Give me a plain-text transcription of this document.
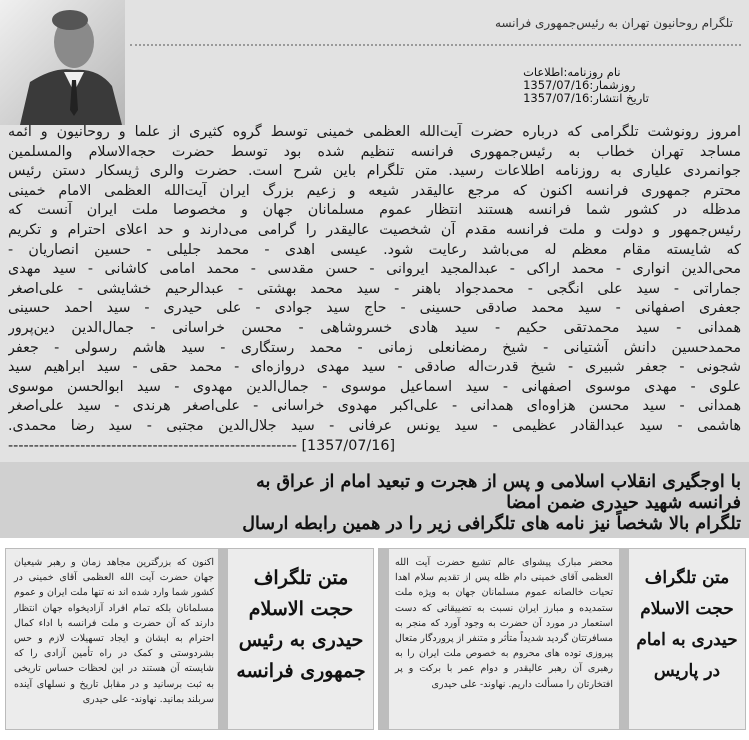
تلگرام روحانیون تهران به رئیس‌جمهوری فرانسه
نام روزنامه:اطلاعات
روزشمار:1357/07/16
تاریخ انتشار:1357/07/16
امروز رونوشت تلگرامی که درباره حضرت آیت‌الله العظمی خمینی توسط گروه کثیری از علما و روحانیون و ائمه
مساجد تهران خطاب به رئیس‌جمهوری فرانسه تنظیم شده بود توسط حضرت حجه‌الاسلام والمسلمین
جوانمردی علیاری به روزنامه اطلاعات رسید. متن تلگرام باین شرح است. حضرت والری ژیسکار دستن رئیس
محترم جمهوری فرانسه اکنون که مرجع عالیقدر شیعه و زعیم بزرگ ایران آیت‌الله العظمی الامام خمینی
مدظله در کشور شما فرانسه هستند انتظار عموم مسلمانان جهان و مخصوصا ملت ایران آنست که
رئیس‌جمهور و دولت و ملت فرانسه مقدم آن شخصیت عالیقدر را گرامی می‌دارند و حد اعلای احترام و تکریم
که شایسته مقام معظم له می‌باشد رعایت شود. عیسی اهدی - محمد جلیلی - حسین انصاریان -
محی‌الدین انواری - محمد اراکی - عبدالمجید ایروانی - حسن مقدسی - محمد امامی کاشانی - سید مهدی
جماراتی - سید علی انگجی - محمدجواد باهنر - سید محمد بهشتی - عبدالرحیم خشایشی - علی‌اصغر
جعفری اصفهانی - سید محمد صادقی حسینی - حاج سید جوادی - علی حیدری - سید احمد حسینی
همدانی - سید محمدتقی حکیم - سید هادی خسروشاهی - محسن خراسانی - جمال‌الدین دین‌پرور
محمدحسین دانش آشتیانی - شیخ رمضانعلی زمانی - محمد رستگاری - سید هاشم رسولی - جعفر
شجونی - جعفر شبیری - شیخ قدرت‌اله صادقی - سید مهدی دروازه‌ای - محمد حقی - سید ابراهیم سید
علوی - مهدی موسوی اصفهانی - سید اسماعیل موسوی - جمال‌الدین مهدوی - سید ابوالحسن موسوی
همدانی - سید محسن هزاوه‌ای همدانی - علی‌اکبر مهدوی خراسانی - علی‌اصغر هرندی - سید علی‌اصغر
هاشمی - سید عبدالقادر عظیمی - سید یونس عرفانی - سید جلال‌الدین مجتبی - سید رضا محمدی.
[1357/07/16] --------------------------------------------------------
با اوجگیری انقلاب اسلامی و پس از هجرت و تبعید امام از عراق به فرانسه شهید حیدری ضمن امضا
تلگرام بالا شخصاً نیز نامه های تلگرافی زیر را در همین رابطه ارسال
اکنون که بزرگترین مجاهد زمان و رهبر شیعیان جهان حضرت آیت الله العظمی آقای خمینی در کشور شما وارد شده اند نه تنها ملت ایران و عموم مسلمانان بلکه تمام افراد آزادیخواه جهان انتظار دارند که آن حضرت و ملت فرانسه با اداء کمال احترام به ایشان و ایجاد تسهیلات لازم و حس بشردوستی و کمک در راه تأمین آزادی را که شایسته آن هستند در این لحظات حساس تاریخی به ثبت برسانید و در مقابل تاریخ و نسلهای آینده سربلند بمانید. نهاوند- علی حیدری
متن تلگراف
حجت الاسلام
حیدری به رئیس
جمهوری فرانسه
محضر مبارک پیشوای عالم تشیع حضرت آیت الله العظمی آقای خمینی دام ظله پس از تقدیم سلام اهدا تحیات خالصانه عموم مسلمانان جهان به ویژه ملت ستمدیده و مبارز ایران نسبت به تضییقاتی که دست استعمار در مورد آن حضرت به وجود آورد که منجر به مسافرتتان گردید شدیداً متأثر و متنفر از پروردگار متعال پیروزی توده های محروم به خصوص ملت ایران را به رهبری آن رهبر عالیقدر و دوام عمر با برکت و پر افتخارتان را مسألت داریم. نهاوند- علی حیدری
متن تلگراف
حجت الاسلام
حیدری به امام
در پاریس
